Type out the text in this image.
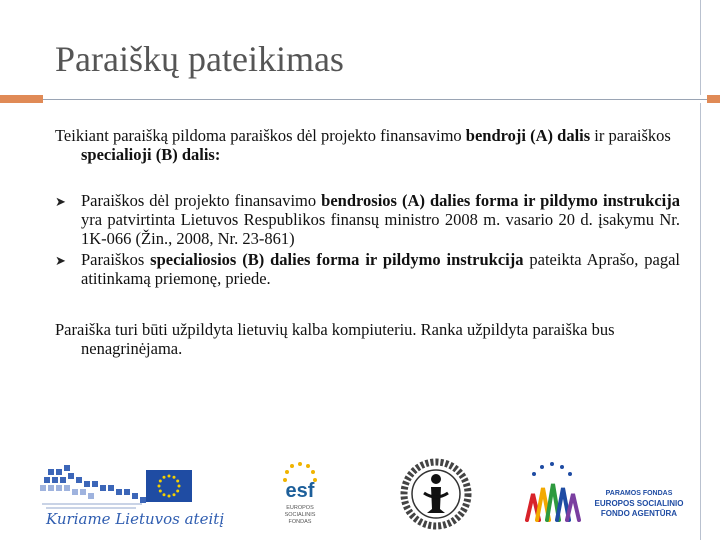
Paraiškų pateikimas

Teikiant paraišką pildoma paraiškos dėl projekto finansavimo bendroji (A) dalis ir paraiškos specialioji (B) dalis:

➤ Paraiškos dėl projekto finansavimo bendrosios (A) dalies forma ir pildymo instrukcija yra patvirtinta Lietuvos Respublikos finansų ministro 2008 m. vasario 20 d. įsakymu Nr. 1K-066 (Žin., 2008, Nr. 23-861)
➤ Paraiškos specialiosios (B) dalies forma ir pildymo instrukcija pateikta Aprašo, pagal atitinkamą priemonę, priede.

Paraiška turi būti užpildyta lietuvių kalba kompiuteriu. Ranka užpildyta paraiška bus nenagrinėjama.

Kuriame Lietuvos ateitį
esf
EUROPOS
SOCIALINIS
FONDAS
PARAMOS FONDAS
EUROPOS SOCIALINIO
FONDO AGENTŪRA
